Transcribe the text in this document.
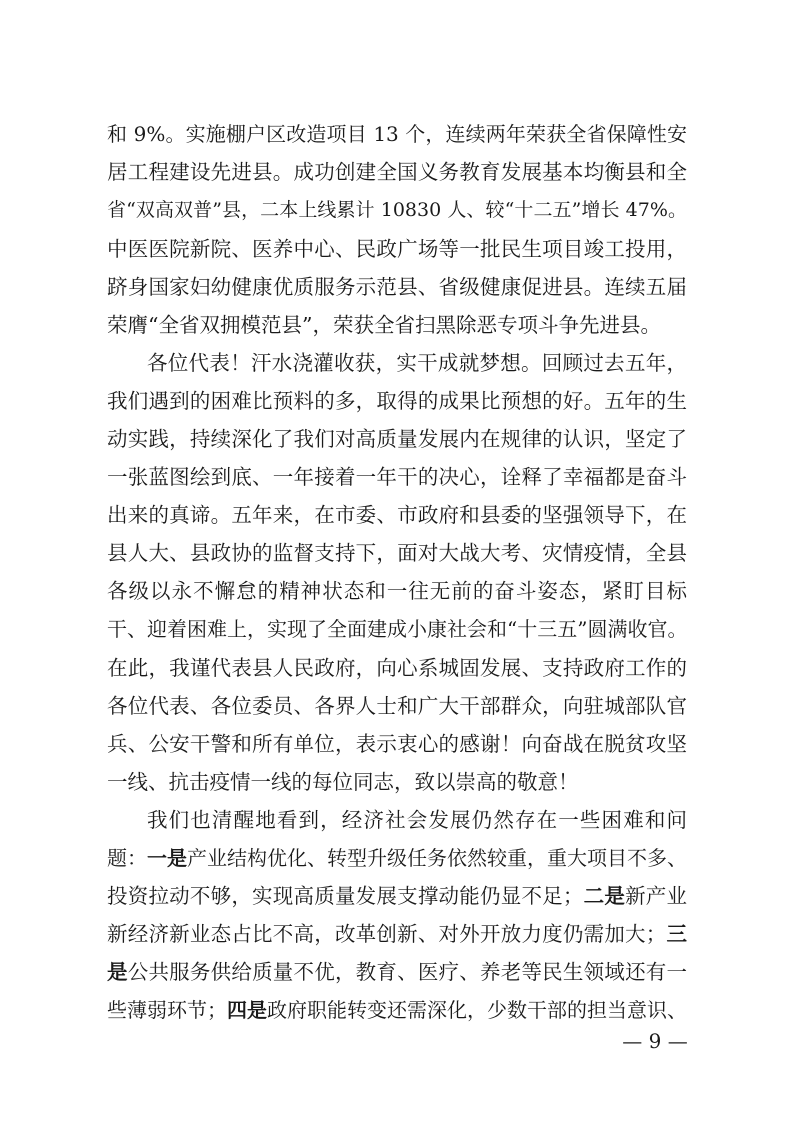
和 9%。实施棚户区改造项目 13 个，连续两年荣获全省保障性安
居工程建设先进县。成功创建全国义务教育发展基本均衡县和全
省“双高双普”县，二本上线累计 10830 人、较“十二五”增长 47%。
中医医院新院、医养中心、民政广场等一批民生项目竣工投用，
跻身国家妇幼健康优质服务示范县、省级健康促进县。连续五届
荣膺“全省双拥模范县”，荣获全省扫黑除恶专项斗争先进县。
各位代表！汗水浇灌收获，实干成就梦想。回顾过去五年，
我们遇到的困难比预料的多，取得的成果比预想的好。五年的生
动实践，持续深化了我们对高质量发展内在规律的认识，坚定了
一张蓝图绘到底、一年接着一年干的决心，诠释了幸福都是奋斗
出来的真谛。五年来，在市委、市政府和县委的坚强领导下，在
县人大、县政协的监督支持下，面对大战大考、灾情疫情，全县
各级以永不懈怠的精神状态和一往无前的奋斗姿态，紧盯目标
干、迎着困难上，实现了全面建成小康社会和“十三五”圆满收官。
在此，我谨代表县人民政府，向心系城固发展、支持政府工作的
各位代表、各位委员、各界人士和广大干部群众，向驻城部队官
兵、公安干警和所有单位，表示衷心的感谢！向奋战在脱贫攻坚
一线、抗击疫情一线的每位同志，致以崇高的敬意！
我们也清醒地看到，经济社会发展仍然存在一些困难和问
题：一是产业结构优化、转型升级任务依然较重，重大项目不多、
投资拉动不够，实现高质量发展支撑动能仍显不足；二是新产业
新经济新业态占比不高，改革创新、对外开放力度仍需加大；三
是公共服务供给质量不优，教育、医疗、养老等民生领域还有一
些薄弱环节；四是政府职能转变还需深化，少数干部的担当意识、
— 9 —
